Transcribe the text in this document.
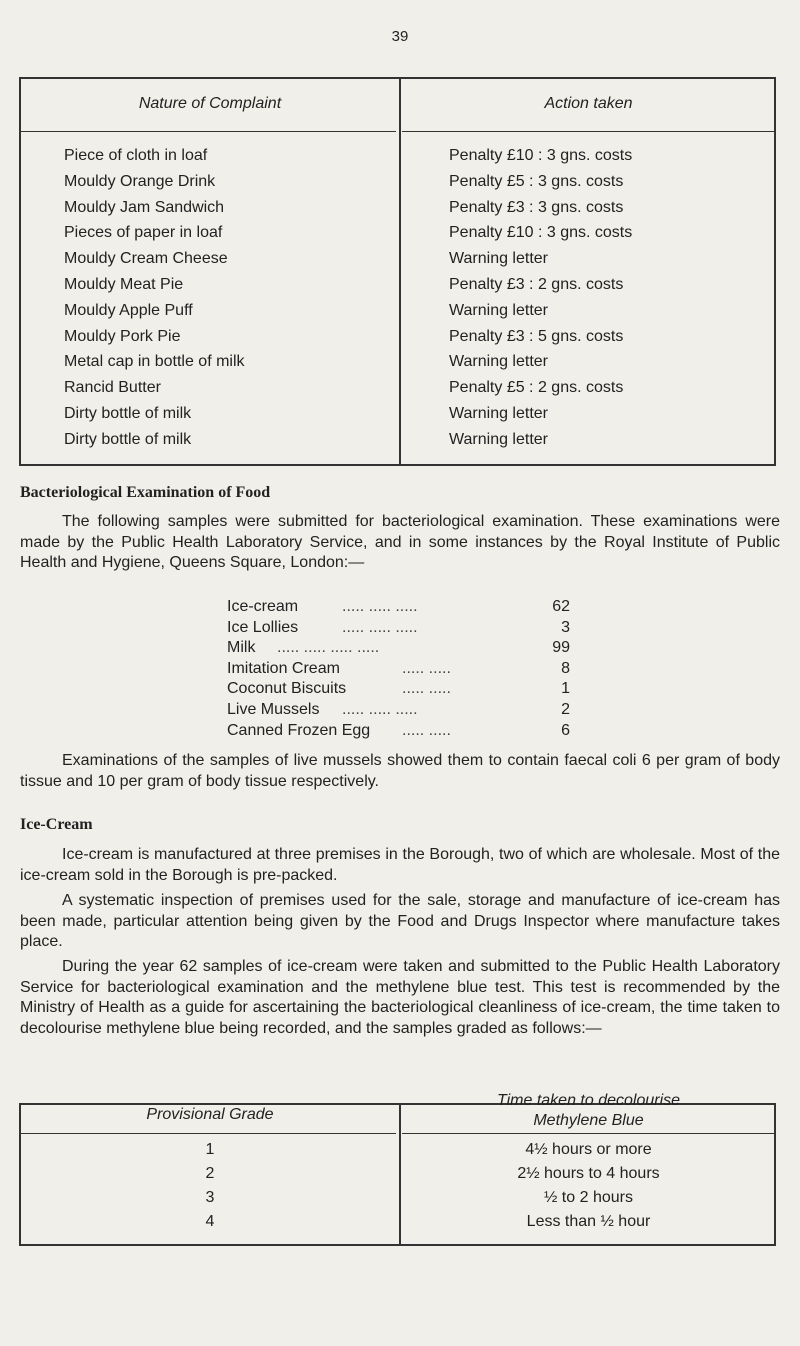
39
Nature of Complaint	Action taken
Piece of cloth in loaf	Penalty £10 : 3 gns. costs
Mouldy Orange Drink	Penalty £5 : 3 gns. costs
Mouldy Jam Sandwich	Penalty £3 : 3 gns. costs
Pieces of paper in loaf	Penalty £10 : 3 gns. costs
Mouldy Cream Cheese	Warning letter
Mouldy Meat Pie	Penalty £3 : 2 gns. costs
Mouldy Apple Puff	Warning letter
Mouldy Pork Pie	Penalty £3 : 5 gns. costs
Metal cap in bottle of milk	Warning letter
Rancid Butter	Penalty £5 : 2 gns. costs
Dirty bottle of milk	Warning letter
Dirty bottle of milk	Warning letter
Bacteriological Examination of Food

The following samples were submitted for bacteriological examination. These examinations were made by the Public Health Laboratory Service, and in some instances by the Royal Institute of Public Health and Hygiene, Queens Square, London:—

Ice-cream	..... ..... .....	62
Ice Lollies	..... ..... .....	3
Milk ..... ..... ..... .....	99
Imitation Cream	..... .....	8
Coconut Biscuits	..... .....	1
Live Mussels ..... ..... .....	2
Canned Frozen Egg ..... .....	6

Examinations of the samples of live mussels showed them to contain faecal coli 6 per gram of body tissue and 10 per gram of body tissue respectively.

Ice-Cream

Ice-cream is manufactured at three premises in the Borough, two of which are wholesale. Most of the ice-cream sold in the Borough is pre-packed.

A systematic inspection of premises used for the sale, storage and manufacture of ice-cream has been made, particular attention being given by the Food and Drugs Inspector where manufacture takes place.

During the year 62 samples of ice-cream were taken and submitted to the Public Health Laboratory Service for bacteriological examination and the methylene blue test. This test is recommended by the Ministry of Health as a guide for ascertaining the bacteriological cleanliness of ice-cream, the time taken to decolourise methylene blue being recorded, and the samples graded as follows:—

Provisional Grade
Time taken to decolourise
Methylene Blue
1	4½ hours or more
2	2½ hours to 4 hours
3	½ to 2 hours
4	Less than ½ hour
